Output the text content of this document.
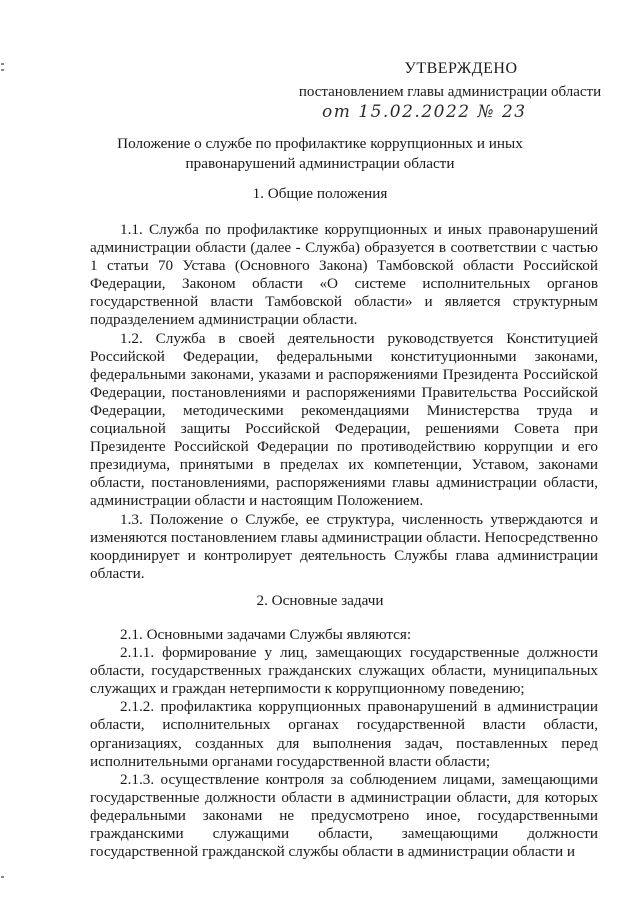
УТВЕРЖДЕНО
постановлением главы администрации области
от 15.02.2022 № 23
Положение о службе по профилактике коррупционных и иных
правонарушений администрации области
1. Общие положения

1.1. Служба по профилактике коррупционных и иных правонарушений администрации области (далее - Служба) образуется в соответствии с частью 1 статьи 70 Устава (Основного Закона) Тамбовской области Российской Федерации, Законом области «О системе исполнительных органов государственной власти Тамбовской области» и является структурным подразделением администрации области.

1.2. Служба в своей деятельности руководствуется Конституцией Российской Федерации, федеральными конституционными законами, федеральными законами, указами и распоряжениями Президента Российской Федерации, постановлениями и распоряжениями Правительства Российской Федерации, методическими рекомендациями Министерства труда и социальной защиты Российской Федерации, решениями Совета при Президенте Российской Федерации по противодействию коррупции и его президиума, принятыми в пределах их компетенции, Уставом, законами области, постановлениями, распоряжениями главы администрации области, администрации области и настоящим Положением.

1.3. Положение о Службе, ее структура, численность утверждаются и изменяются постановлением главы администрации области. Непосредственно координирует и контролирует деятельность Службы глава администрации области.

2. Основные задачи

2.1. Основными задачами Службы являются:

2.1.1. формирование у лиц, замещающих государственные должности области, государственных гражданских служащих области, муниципальных служащих и граждан нетерпимости к коррупционному поведению;

2.1.2. профилактика коррупционных правонарушений в администрации области, исполнительных органах государственной власти области, организациях, созданных для выполнения задач, поставленных перед исполнительными органами государственной власти области;

2.1.3. осуществление контроля за соблюдением лицами, замещающими государственные должности области в администрации области, для которых федеральными законами не предусмотрено иное, государственными гражданскими служащими области, замещающими должности государственной гражданской службы области в администрации области и
